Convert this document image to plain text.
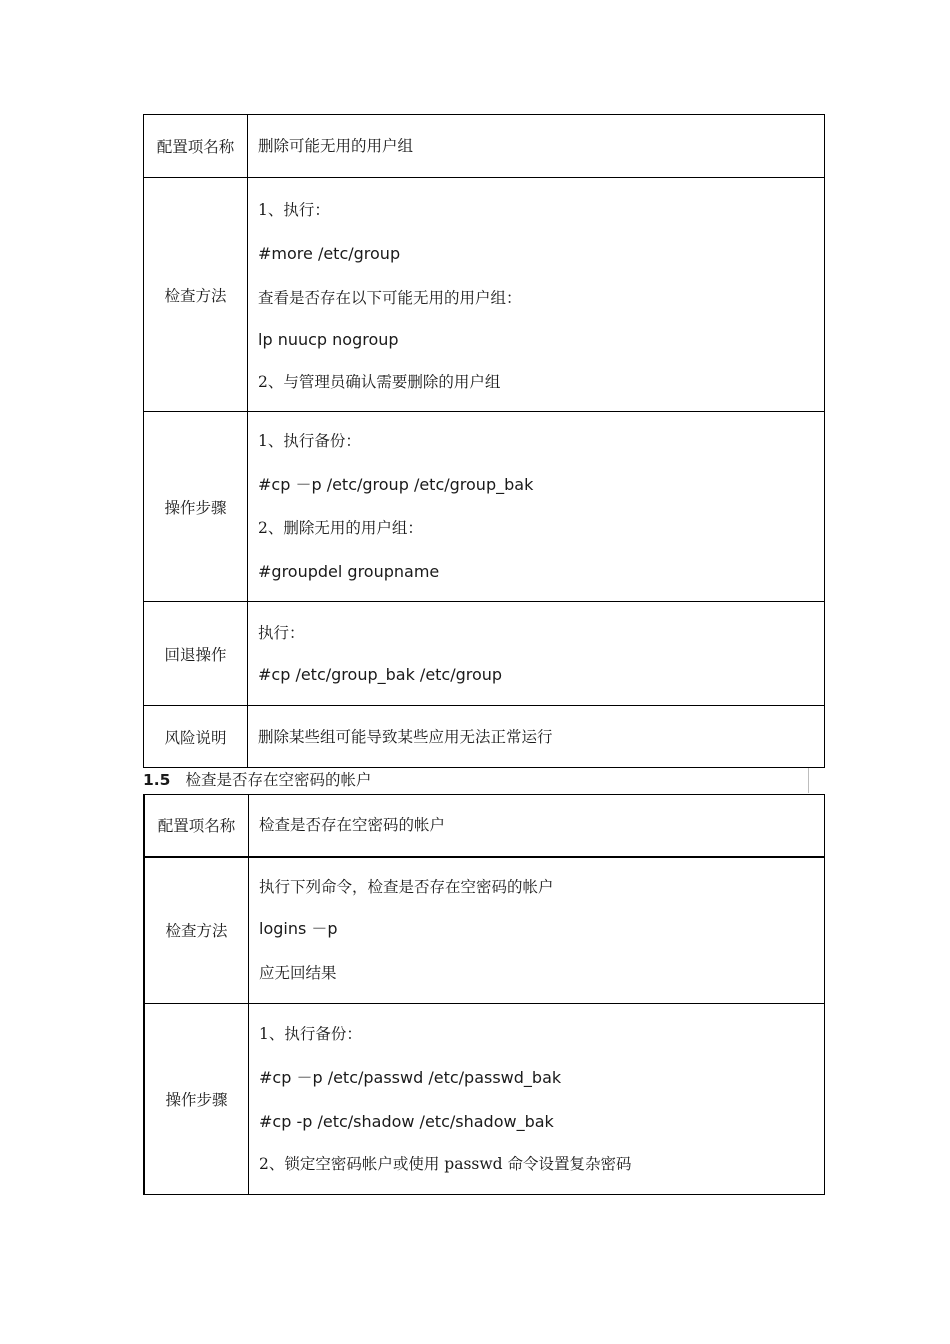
配置项名称	删除可能无用的用户组

检查方法	1、执行：
#more /etc/group
查看是否存在以下可能无用的用户组：
lp nuucp nogroup
2、与管理员确认需要删除的用户组

操作步骤	1、执行备份：
#cp －p /etc/group /etc/group_bak
2、删除无用的用户组：
#groupdel groupname

回退操作	执行：
#cp /etc/group_bak /etc/group

风险说明	删除某些组可能导致某些应用无法正常运行
1.5 检查是否存在空密码的帐户
配置项名称	检查是否存在空密码的帐户

检查方法	执行下列命令，检查是否存在空密码的帐户
logins －p
应无回结果

操作步骤	1、执行备份：
#cp －p /etc/passwd /etc/passwd_bak
#cp -p /etc/shadow /etc/shadow_bak
2、锁定空密码帐户或使用 passwd 命令设置复杂密码
